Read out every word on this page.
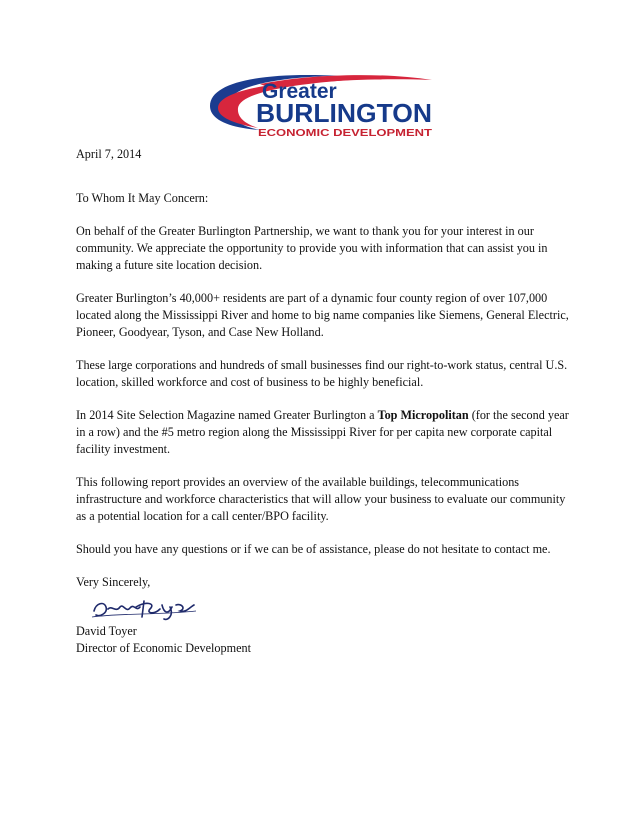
Greater
BURLINGTON
ECONOMIC DEVELOPMENT

April 7, 2014

To Whom It May Concern:

On behalf of the Greater Burlington Partnership, we want to thank you for your interest in our community. We appreciate the opportunity to provide you with information that can assist you in making a future site location decision.

Greater Burlington’s 40,000+ residents are part of a dynamic four county region of over 107,000 located along the Mississippi River and home to big name companies like Siemens, General Electric, Pioneer, Goodyear, Tyson, and Case New Holland.

These large corporations and hundreds of small businesses find our right-to-work status, central U.S. location, skilled workforce and cost of business to be highly beneficial.

In 2014 Site Selection Magazine named Greater Burlington a Top Micropolitan (for the second year in a row) and the #5 metro region along the Mississippi River for per capita new corporate capital facility investment.

This following report provides an overview of the available buildings, telecommunications infrastructure and workforce characteristics that will allow your business to evaluate our community as a potential location for a call center/BPO facility.

Should you have any questions or if we can be of assistance, please do not hesitate to contact me.

Very Sincerely,

David Toyer

Director of Economic Development
